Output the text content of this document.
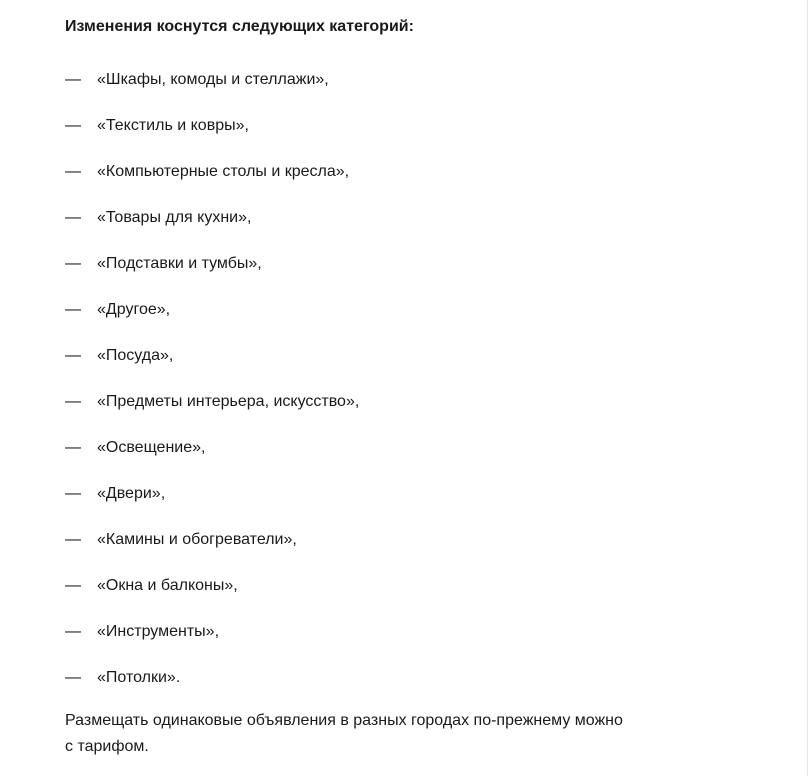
Изменения коснутся следующих категорий:
—	«Шкафы, комоды и стеллажи»,
—	«Текстиль и ковры»,
—	«Компьютерные столы и кресла»,
—	«Товары для кухни»,
—	«Подставки и тумбы»,
—	«Другое»,
—	«Посуда»,
—	«Предметы интерьера, искусство»,
—	«Освещение»,
—	«Двери»,
—	«Камины и обогреватели»,
—	«Окна и балконы»,
—	«Инструменты»,
—	«Потолки».

Размещать одинаковые объявления в разных городах по-прежнему можно
с тарифом.
